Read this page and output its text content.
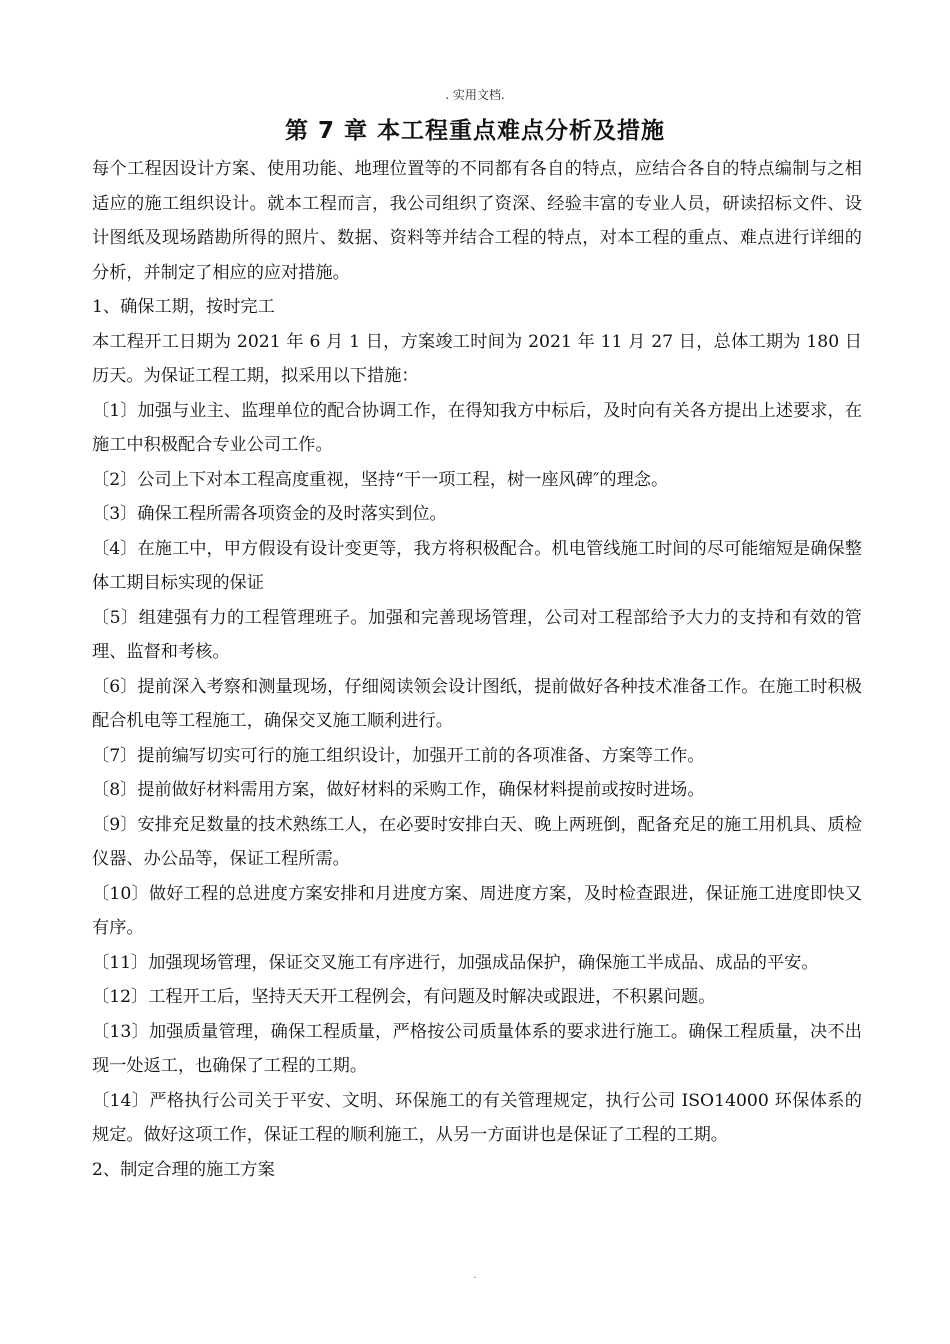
. 实用文档.
第 7 章 本工程重点难点分析及措施

每个工程因设计方案、使用功能、地理位置等的不同都有各自的特点，应结合各自的特点编制与之相适应的施工组织设计。就本工程而言，我公司组织了资深、经验丰富的专业人员，研读招标文件、设计图纸及现场踏勘所得的照片、数据、资料等并结合工程的特点，对本工程的重点、难点进行详细的分析，并制定了相应的应对措施。

1、确保工期，按时完工

本工程开工日期为 2021 年 6 月 1 日，方案竣工时间为 2021 年 11 月 27 日，总体工期为 180 日历天。为保证工程工期，拟采用以下措施：

〔1〕加强与业主、监理单位的配合协调工作，在得知我方中标后，及时向有关各方提出上述要求，在施工中积极配合专业公司工作。

〔2〕公司上下对本工程高度重视，坚持“干一项工程，树一座风碑″的理念。

〔3〕确保工程所需各项资金的及时落实到位。

〔4〕在施工中，甲方假设有设计变更等，我方将积极配合。机电管线施工时间的尽可能缩短是确保整体工期目标实现的保证

〔5〕组建强有力的工程管理班子。加强和完善现场管理，公司对工程部给予大力的支持和有效的管理、监督和考核。

〔6〕提前深入考察和测量现场，仔细阅读领会设计图纸，提前做好各种技术准备工作。在施工时积极配合机电等工程施工，确保交叉施工顺利进行。

〔7〕提前编写切实可行的施工组织设计，加强开工前的各项准备、方案等工作。

〔8〕提前做好材料需用方案，做好材料的采购工作，确保材料提前或按时进场。

〔9〕安排充足数量的技术熟练工人，在必要时安排白天、晚上两班倒，配备充足的施工用机具、质检仪器、办公品等，保证工程所需。

〔10〕做好工程的总进度方案安排和月进度方案、周进度方案，及时检查跟进，保证施工进度即快又有序。

〔11〕加强现场管理，保证交叉施工有序进行，加强成品保护，确保施工半成品、成品的平安。

〔12〕工程开工后，坚持天天开工程例会，有问题及时解决或跟进，不积累问题。

〔13〕加强质量管理，确保工程质量，严格按公司质量体系的要求进行施工。确保工程质量，决不出现一处返工，也确保了工程的工期。

〔14〕严格执行公司关于平安、文明、环保施工的有关管理规定，执行公司 ISO14000 环保体系的规定。做好这项工作，保证工程的顺利施工，从另一方面讲也是保证了工程的工期。

2、制定合理的施工方案

.
